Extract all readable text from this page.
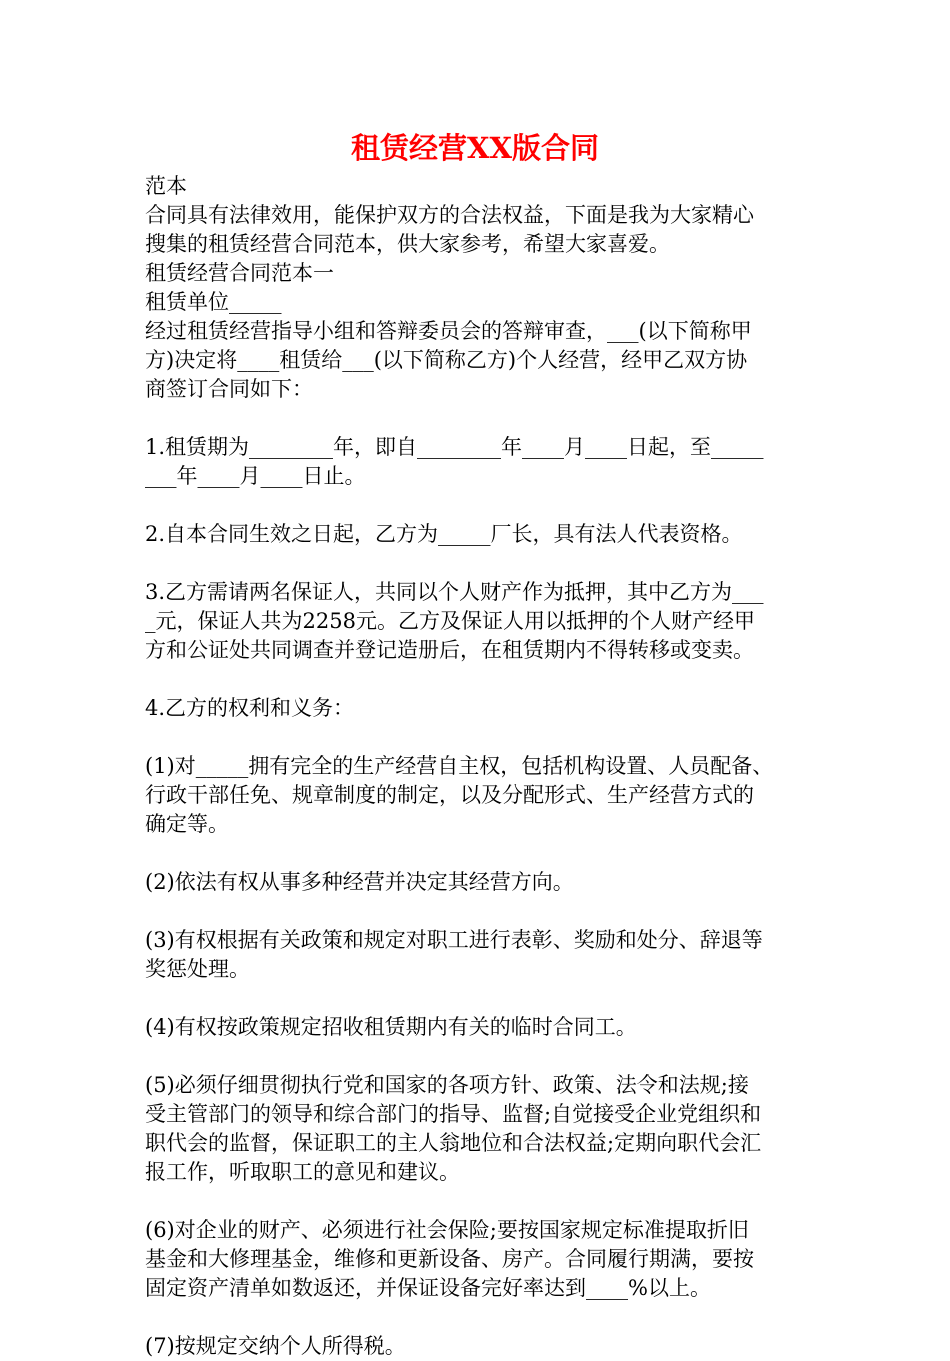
租赁经营XX版合同
范本
合同具有法律效用，能保护双方的合法权益，下面是我为大家精心
搜集的租赁经营合同范本，供大家参考，希望大家喜爱。
租赁经营合同范本一
租赁单位_____
经过租赁经营指导小组和答辩委员会的答辩审查，___(以下简称甲
方)决定将____租赁给___(以下简称乙方)个人经营，经甲乙双方协
商签订合同如下：
1.租赁期为________年，即自________年____月____日起，至_____
___年____月____日止。
2.自本合同生效之日起，乙方为_____厂长，具有法人代表资格。
3.乙方需请两名保证人，共同以个人财产作为抵押，其中乙方为___
_元，保证人共为2258元。乙方及保证人用以抵押的个人财产经甲
方和公证处共同调查并登记造册后，在租赁期内不得转移或变卖。
4.乙方的权利和义务：
(1)对_____拥有完全的生产经营自主权，包括机构设置、人员配备、
行政干部任免、规章制度的制定，以及分配形式、生产经营方式的
确定等。
(2)依法有权从事多种经营并决定其经营方向。
(3)有权根据有关政策和规定对职工进行表彰、奖励和处分、辞退等
奖惩处理。
(4)有权按政策规定招收租赁期内有关的临时合同工。
(5)必须仔细贯彻执行党和国家的各项方针、政策、法令和法规;接
受主管部门的领导和综合部门的指导、监督;自觉接受企业党组织和
职代会的监督，保证职工的主人翁地位和合法权益;定期向职代会汇
报工作，听取职工的意见和建议。
(6)对企业的财产、必须进行社会保险;要按国家规定标准提取折旧
基金和大修理基金，维修和更新设备、房产。合同履行期满，要按
固定资产清单如数返还，并保证设备完好率达到____%以上。
(7)按规定交纳个人所得税。
